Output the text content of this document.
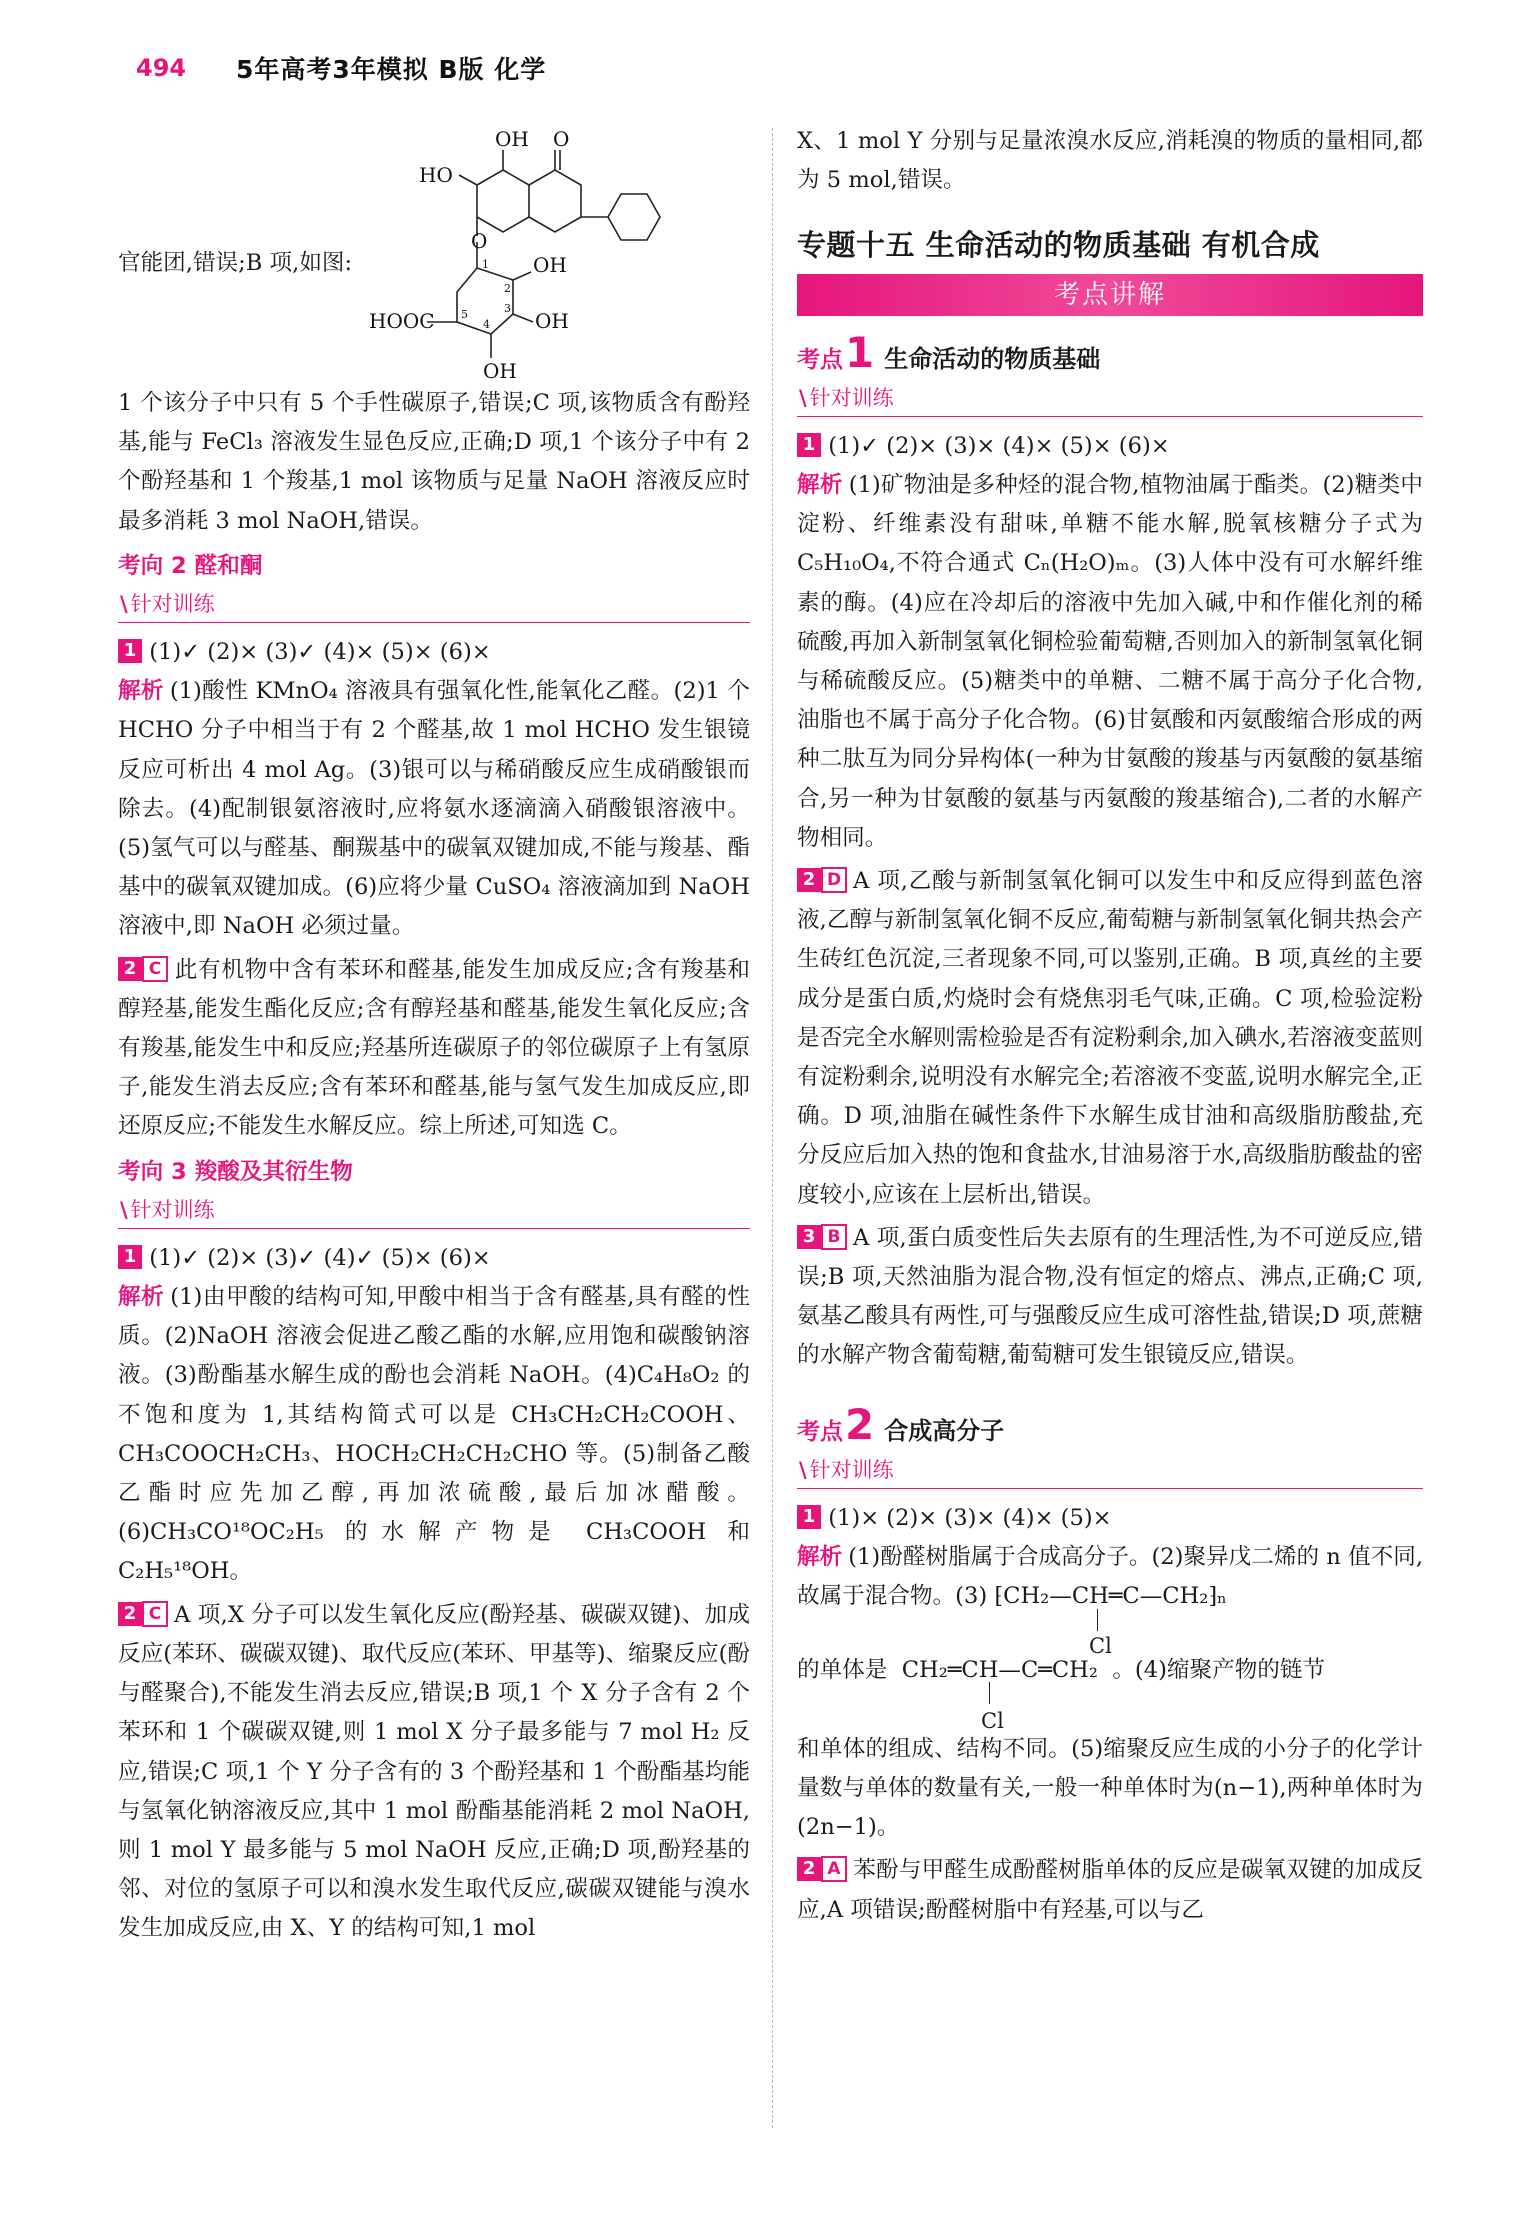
494	5年高考3年模拟 B版 化学
官能团,错误;B 项,如图:
OH O
HO
O
OH
OH
OH
HOOC
1
2
3
4
5

1 个该分子中只有 5 个手性碳原子,错误;C 项,该物质含有酚羟基,能与 FeCl₃ 溶液发生显色反应,正确;D 项,1 个该分子中有 2 个酚羟基和 1 个羧基,1 mol 该物质与足量 NaOH 溶液反应时最多消耗 3 mol NaOH,错误。

考向 2 醛和酮
\ 针对训练

1 (1)✓ (2)× (3)✓ (4)× (5)× (6)×

解析 (1)酸性 KMnO₄ 溶液具有强氧化性,能氧化乙醛。(2)1 个 HCHO 分子中相当于有 2 个醛基,故 1 mol HCHO 发生银镜反应可析出 4 mol Ag。(3)银可以与稀硝酸反应生成硝酸银而除去。(4)配制银氨溶液时,应将氨水逐滴滴入硝酸银溶液中。(5)氢气可以与醛基、酮羰基中的碳氧双键加成,不能与羧基、酯基中的碳氧双键加成。(6)应将少量 CuSO₄ 溶液滴加到 NaOH 溶液中,即 NaOH 必须过量。

2 C 此有机物中含有苯环和醛基,能发生加成反应;含有羧基和醇羟基,能发生酯化反应;含有醇羟基和醛基,能发生氧化反应;含有羧基,能发生中和反应;羟基所连碳原子的邻位碳原子上有氢原子,能发生消去反应;含有苯环和醛基,能与氢气发生加成反应,即还原反应;不能发生水解反应。综上所述,可知选 C。

考向 3 羧酸及其衍生物
\ 针对训练

1 (1)✓ (2)× (3)✓ (4)✓ (5)× (6)×

解析 (1)由甲酸的结构可知,甲酸中相当于含有醛基,具有醛的性质。(2)NaOH 溶液会促进乙酸乙酯的水解,应用饱和碳酸钠溶液。(3)酚酯基水解生成的酚也会消耗 NaOH。(4)C₄H₈O₂ 的不饱和度为 1,其结构简式可以是 CH₃CH₂CH₂COOH、CH₃COOCH₂CH₃、HOCH₂CH₂CH₂CHO 等。(5)制备乙酸乙酯时应先加乙醇,再加浓硫酸,最后加冰醋酸。(6)CH₃CO¹⁸OC₂H₅ 的水解产物是 CH₃COOH 和 C₂H₅¹⁸OH。

2 C A 项,X 分子可以发生氧化反应(酚羟基、碳碳双键)、加成反应(苯环、碳碳双键)、取代反应(苯环、甲基等)、缩聚反应(酚与醛聚合),不能发生消去反应,错误;B 项,1 个 X 分子含有 2 个苯环和 1 个碳碳双键,则 1 mol X 分子最多能与 7 mol H₂ 反应,错误;C 项,1 个 Y 分子含有的 3 个酚羟基和 1 个酚酯基均能与氢氧化钠溶液反应,其中 1 mol 酚酯基能消耗 2 mol NaOH,则 1 mol Y 最多能与 5 mol NaOH 反应,正确;D 项,酚羟基的邻、对位的氢原子可以和溴水发生取代反应,碳碳双键能与溴水发生加成反应,由 X、Y 的结构可知,1 mol

X、1 mol Y 分别与足量浓溴水反应,消耗溴的物质的量相同,都为 5 mol,错误。

专题十五 生命活动的物质基础 有机合成
考点讲解
考点 1 生命活动的物质基础
\ 针对训练

1 (1)✓ (2)× (3)× (4)× (5)× (6)×

解析 (1)矿物油是多种烃的混合物,植物油属于酯类。(2)糖类中淀粉、纤维素没有甜味,单糖不能水解,脱氧核糖分子式为 C₅H₁₀O₄,不符合通式 Cₙ(H₂O)ₘ。(3)人体中没有可水解纤维素的酶。(4)应在冷却后的溶液中先加入碱,中和作催化剂的稀硫酸,再加入新制氢氧化铜检验葡萄糖,否则加入的新制氢氧化铜与稀硫酸反应。(5)糖类中的单糖、二糖不属于高分子化合物,油脂也不属于高分子化合物。(6)甘氨酸和丙氨酸缩合形成的两种二肽互为同分异构体(一种为甘氨酸的羧基与丙氨酸的氨基缩合,另一种为甘氨酸的氨基与丙氨酸的羧基缩合),二者的水解产物相同。

2 D A 项,乙酸与新制氢氧化铜可以发生中和反应得到蓝色溶液,乙醇与新制氢氧化铜不反应,葡萄糖与新制氢氧化铜共热会产生砖红色沉淀,三者现象不同,可以鉴别,正确。B 项,真丝的主要成分是蛋白质,灼烧时会有烧焦羽毛气味,正确。C 项,检验淀粉是否完全水解则需检验是否有淀粉剩余,加入碘水,若溶液变蓝则有淀粉剩余,说明没有水解完全;若溶液不变蓝,说明水解完全,正确。D 项,油脂在碱性条件下水解生成甘油和高级脂肪酸盐,充分反应后加入热的饱和食盐水,甘油易溶于水,高级脂肪酸盐的密度较小,应该在上层析出,错误。

3 B A 项,蛋白质变性后失去原有的生理活性,为不可逆反应,错误;B 项,天然油脂为混合物,没有恒定的熔点、沸点,正确;C 项,氨基乙酸具有两性,可与强酸反应生成可溶性盐,错误;D 项,蔗糖的水解产物含葡萄糖,葡萄糖可发生银镜反应,错误。

考点 2 合成高分子
\ 针对训练

1 (1)× (2)× (3)× (4)× (5)×

解析 (1)酚醛树脂属于合成高分子。(2)聚异戊二烯的 n 值不同,故属于混合物。(3) ⁅CH₂—CH═C—CH₂⁆ₙ

Cl

的单体是 CH₂═CH—C═CH₂ 。(4)缩聚产物的链节

Cl

和单体的组成、结构不同。(5)缩聚反应生成的小分子的化学计量数与单体的数量有关,一般一种单体时为(n−1),两种单体时为(2n−1)。

2 A 苯酚与甲醛生成酚醛树脂单体的反应是碳氧双键的加成反应,A 项错误;酚醛树脂中有羟基,可以与乙
